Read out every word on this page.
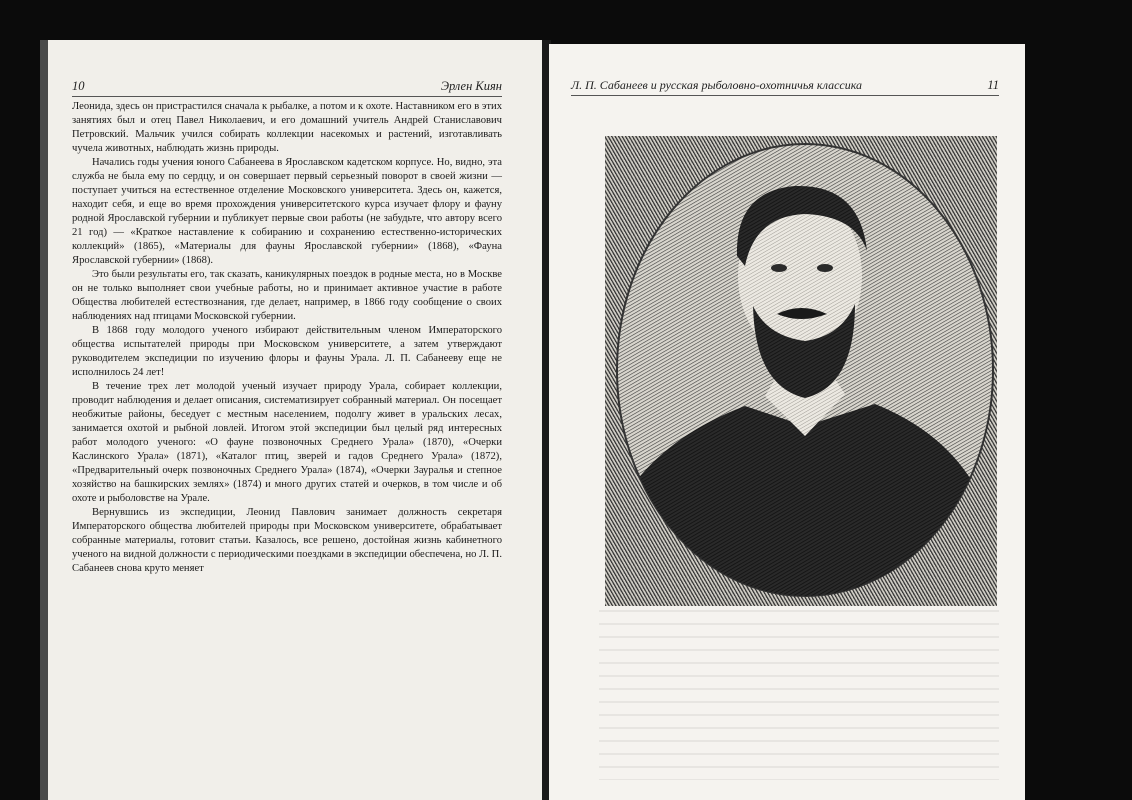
10	Эрлен Киян

Леонида, здесь он пристрастился сначала к рыбалке, а потом и к охоте. Наставником его в этих занятиях был и отец Павел Николаевич, и его домашний учитель Андрей Станиславович Петровский. Мальчик учился собирать коллекции насекомых и растений, изготавливать чучела животных, наблюдать жизнь природы.

Начались годы учения юного Сабанеева в Ярославском кадетском корпусе. Но, видно, эта служба не была ему по сердцу, и он совершает первый серьезный поворот в своей жизни — поступает учиться на естественное отделение Московского университета. Здесь он, кажется, находит себя, и еще во время прохождения университетского курса изучает флору и фауну родной Ярославской губернии и публикует первые свои работы (не забудьте, что автору всего 21 год) — «Краткое наставление к собиранию и сохранению естественно-исторических коллекций» (1865), «Материалы для фауны Ярославской губернии» (1868), «Фауна Ярославской губернии» (1868).

Это были результаты его, так сказать, каникулярных поездок в родные места, но в Москве он не только выполняет свои учебные работы, но и принимает активное участие в работе Общества любителей естествознания, где делает, например, в 1866 году сообщение о своих наблюдениях над птицами Московской губернии.

В 1868 году молодого ученого избирают действительным членом Императорского общества испытателей природы при Московском университете, а затем утверждают руководителем экспедиции по изучению флоры и фауны Урала. Л. П. Сабанееву еще не исполнилось 24 лет!

В течение трех лет молодой ученый изучает природу Урала, собирает коллекции, проводит наблюдения и делает описания, систематизирует собранный материал. Он посещает необжитые районы, беседует с местным населением, подолгу живет в уральских лесах, занимается охотой и рыбной ловлей. Итогом этой экспедиции был целый ряд интересных работ молодого ученого: «О фауне позвоночных Среднего Урала» (1870), «Очерки Каслинского Урала» (1871), «Каталог птиц, зверей и гадов Среднего Урала» (1872), «Предварительный очерк позвоночных Среднего Урала» (1874), «Очерки Зауралья и степное хозяйство на башкирских землях» (1874) и много других статей и очерков, в том числе и об охоте и рыболовстве на Урале.

Вернувшись из экспедиции, Леонид Павлович занимает должность секретаря Императорского общества любителей природы при Московском университете, обрабатывает собранные материалы, готовит статьи. Казалось, все решено, достойная жизнь кабинетного ученого на видной должности с периодическими поездками в экспедиции обеспечена, но Л. П. Сабанеев снова круто меняет

Л. П. Сабанеев и русская рыболовно-охотничья классика	11
